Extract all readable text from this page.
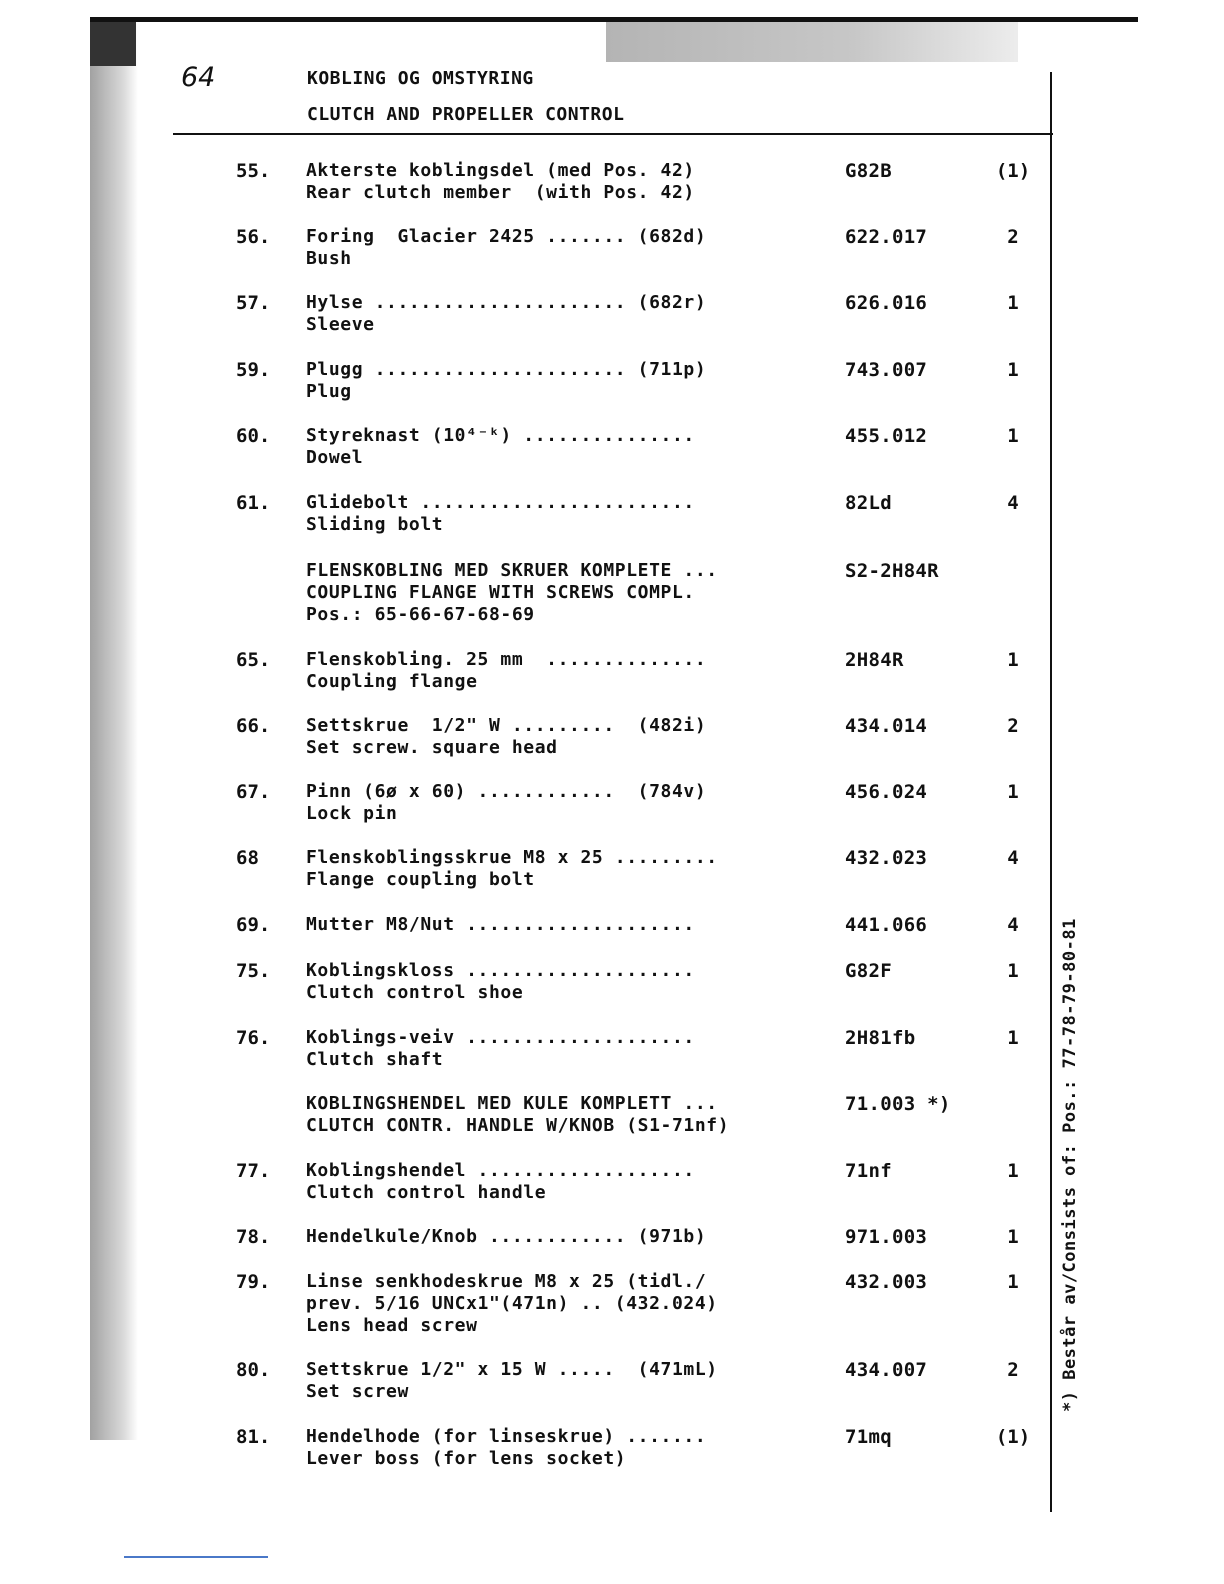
64	KOBLING OG OMSTYRING
CLUTCH AND PROPELLER CONTROL
*) Består av/Consists of: Pos.: 77-78-79-80-81
55. Akterste koblingsdel (med Pos. 42)
Rear clutch member  (with Pos. 42)
G82B	(1)
56. Foring  Glacier 2425 ....... (682d)
Bush
622.017	2
57. Hylse ...................... (682r)
Sleeve
626.016	1
59. Plugg ...................... (711p)
Plug
743.007	1
60. Styreknast (10⁴⁻ᵏ) ...............
Dowel
455.012	1
61. Glidebolt ........................
Sliding bolt
82Ld	4
FLENSKOBLING MED SKRUER KOMPLETE ...
COUPLING FLANGE WITH SCREWS COMPL.
Pos.: 65-66-67-68-69
S2-2H84R
65. Flenskobling. 25 mm  ..............
Coupling flange
2H84R	1
66. Settskrue  1/2" W .........  (482i)
Set screw. square head
434.014	2
67. Pinn (6ø x 60) ............  (784v)
Lock pin
456.024	1
68	Flenskoblingsskrue M8 x 25 .........
Flange coupling bolt
432.023	4
69. Mutter M8/Nut ....................	441.066	4
75. Koblingskloss ....................
Clutch control shoe
G82F	1
76. Koblings-veiv ....................
Clutch shaft
2H81fb	1
KOBLINGSHENDEL MED KULE KOMPLETT ...
CLUTCH CONTR. HANDLE W/KNOB (S1-71nf)
71.003 *)
77. Koblingshendel ...................
Clutch control handle
71nf	1
78. Hendelkule/Knob ............ (971b)	971.003	1
79. Linse senkhodeskrue M8 x 25 (tidl./
prev. 5/16 UNCx1"(471n) .. (432.024)
Lens head screw
432.003	1
80. Settskrue 1/2" x 15 W .....  (471mL)
Set screw
434.007	2
81. Hendelhode (for linseskrue) .......
Lever boss (for lens socket)
71mq	(1)
